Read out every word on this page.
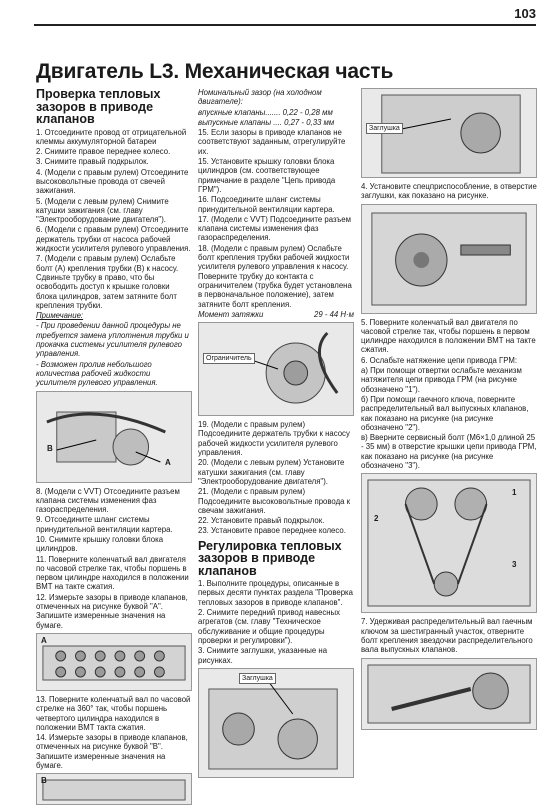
103
Двигатель L3. Механическая часть
Проверка тепловых зазоров в приводе клапанов

1. Отсоедините провод от отрицательной клеммы аккумуляторной батареи

2. Снимите правое переднее колесо.

3. Снимите правый подкрылок.

4. (Модели с правым рулем) Отсоедините высоковольтные провода от свечей зажигания.

5. (Модели с левым рулем) Снимите катушки зажигания (см. главу "Электрооборудование двигателя").

6. (Модели с правым рулем) Отсоедините держатель трубки от насоса рабочей жидкости усилителя рулевого управления.

7. (Модели с правым рулем) Ослабьте болт (А) крепления трубки (В) к насосу. Сдвиньте трубку в право, что бы освободить доступ к крышке головки блока цилиндров, затем затяните болт крепления трубки.

Примечание:

- При проведении данной процедуры не требуется замена уплотнения трубки и прокачка системы усилителя рулевого управления.

- Возможен пролив небольшого количества рабочей жидкости усилителя рулевого управления.

B
A

8. (Модели с VVT) Отсоедините разъем клапана системы изменения фаз газораспределения.

9. Отсоедините шланг системы принудительной вентиляции картера.

10. Снимите крышку головки блока цилиндров.

11. Поверните коленчатый вал двигателя по часовой стрелке так, чтобы поршень в первом цилиндре находился в положении ВМТ на такте сжатия.

12. Измерьте зазоры в приводе клапанов, отмеченных на рисунке буквой "А". Запишите измеренные значения на бумаге.

A

13. Поверните коленчатый вал по часовой стрелке на 360° так, чтобы поршень четвертого цилиндра находился в положении ВМТ такта сжатия.

14. Измерьте зазоры в приводе клапанов, отмеченных на рисунке буквой "В". Запишите измеренные значения на бумаге.

B

Номинальный зазор (на холодном двигателе):

впускные клапаны....... 0,22 - 0,28 мм

выпускные клапаны .... 0,27 - 0,33 мм

15. Если зазоры в приводе клапанов не соответствуют заданным, отрегулируйте их.

15. Установите крышку головки блока цилиндров (см. соответствующее примечание в разделе "Цепь привода ГРМ").

16. Подсоедините шланг системы принудительной вентиляции картера.

17. (Модели с VVT) Подсоедините разъем клапана системы изменения фаз газораспределения.

18. (Модели с правым рулем) Ослабьте болт крепления трубки рабочей жидкости усилителя рулевого управления к насосу. Поверните трубку до контакта с ограничителем (трубка будет установлена в первоначальное положение), затем затяните болт крепления.

Момент затяжки	29 - 44 Н·м
Ограничитель

19. (Модели с правым рулем) Подсоедините держатель трубки к насосу рабочей жидкости усилителя рулевого управления.

20. (Модели с левым рулем) Установите катушки зажигания (см. главу "Электрооборудование двигателя").

21. (Модели с правым рулем) Подсоедините высоковольтные провода к свечам зажигания.

22. Установите правый подкрылок.

23. Установите правое переднее колесо.

Регулировка тепловых зазоров в приводе клапанов

1. Выполните процедуры, описанные в первых десяти пунктах раздела "Проверка тепловых зазоров в приводе клапанов".

2. Снимите передний привод навесных агрегатов (см. главу "Техническое обслуживание и общие процедуры проверки и регулировки").

3. Снимите заглушки, указанные на рисунках.

Заглушка
Заглушка

4. Установите спецприспособление, в отверстие заглушки, как показано на рисунке.

5. Поверните коленчатый вал двигателя по часовой стрелке так, чтобы поршень в первом цилиндре находился в положении ВМТ на такте сжатия.

6. Ослабьте натяжение цепи привода ГРМ:

a) При помощи отвертки ослабьте механизм натяжителя цепи привода ГРМ (на рисунке обозначено "1").

б) При помощи гаечного ключа, поверните распределительный вал выпускных клапанов, как показано на рисунке (на рисунке обозначено "2").

в) Вверните сервисный болт (М6×1,0 длиной 25 - 35 мм) в отверстие крышки цепи привода ГРМ, как показано на рисунке (на рисунке обозначено "3").

1
2
3

7. Удерживая распределительный вал гаечным ключом за шестигранный участок, отверните болт крепления звездочки распределительного вала выпускных клапанов.
